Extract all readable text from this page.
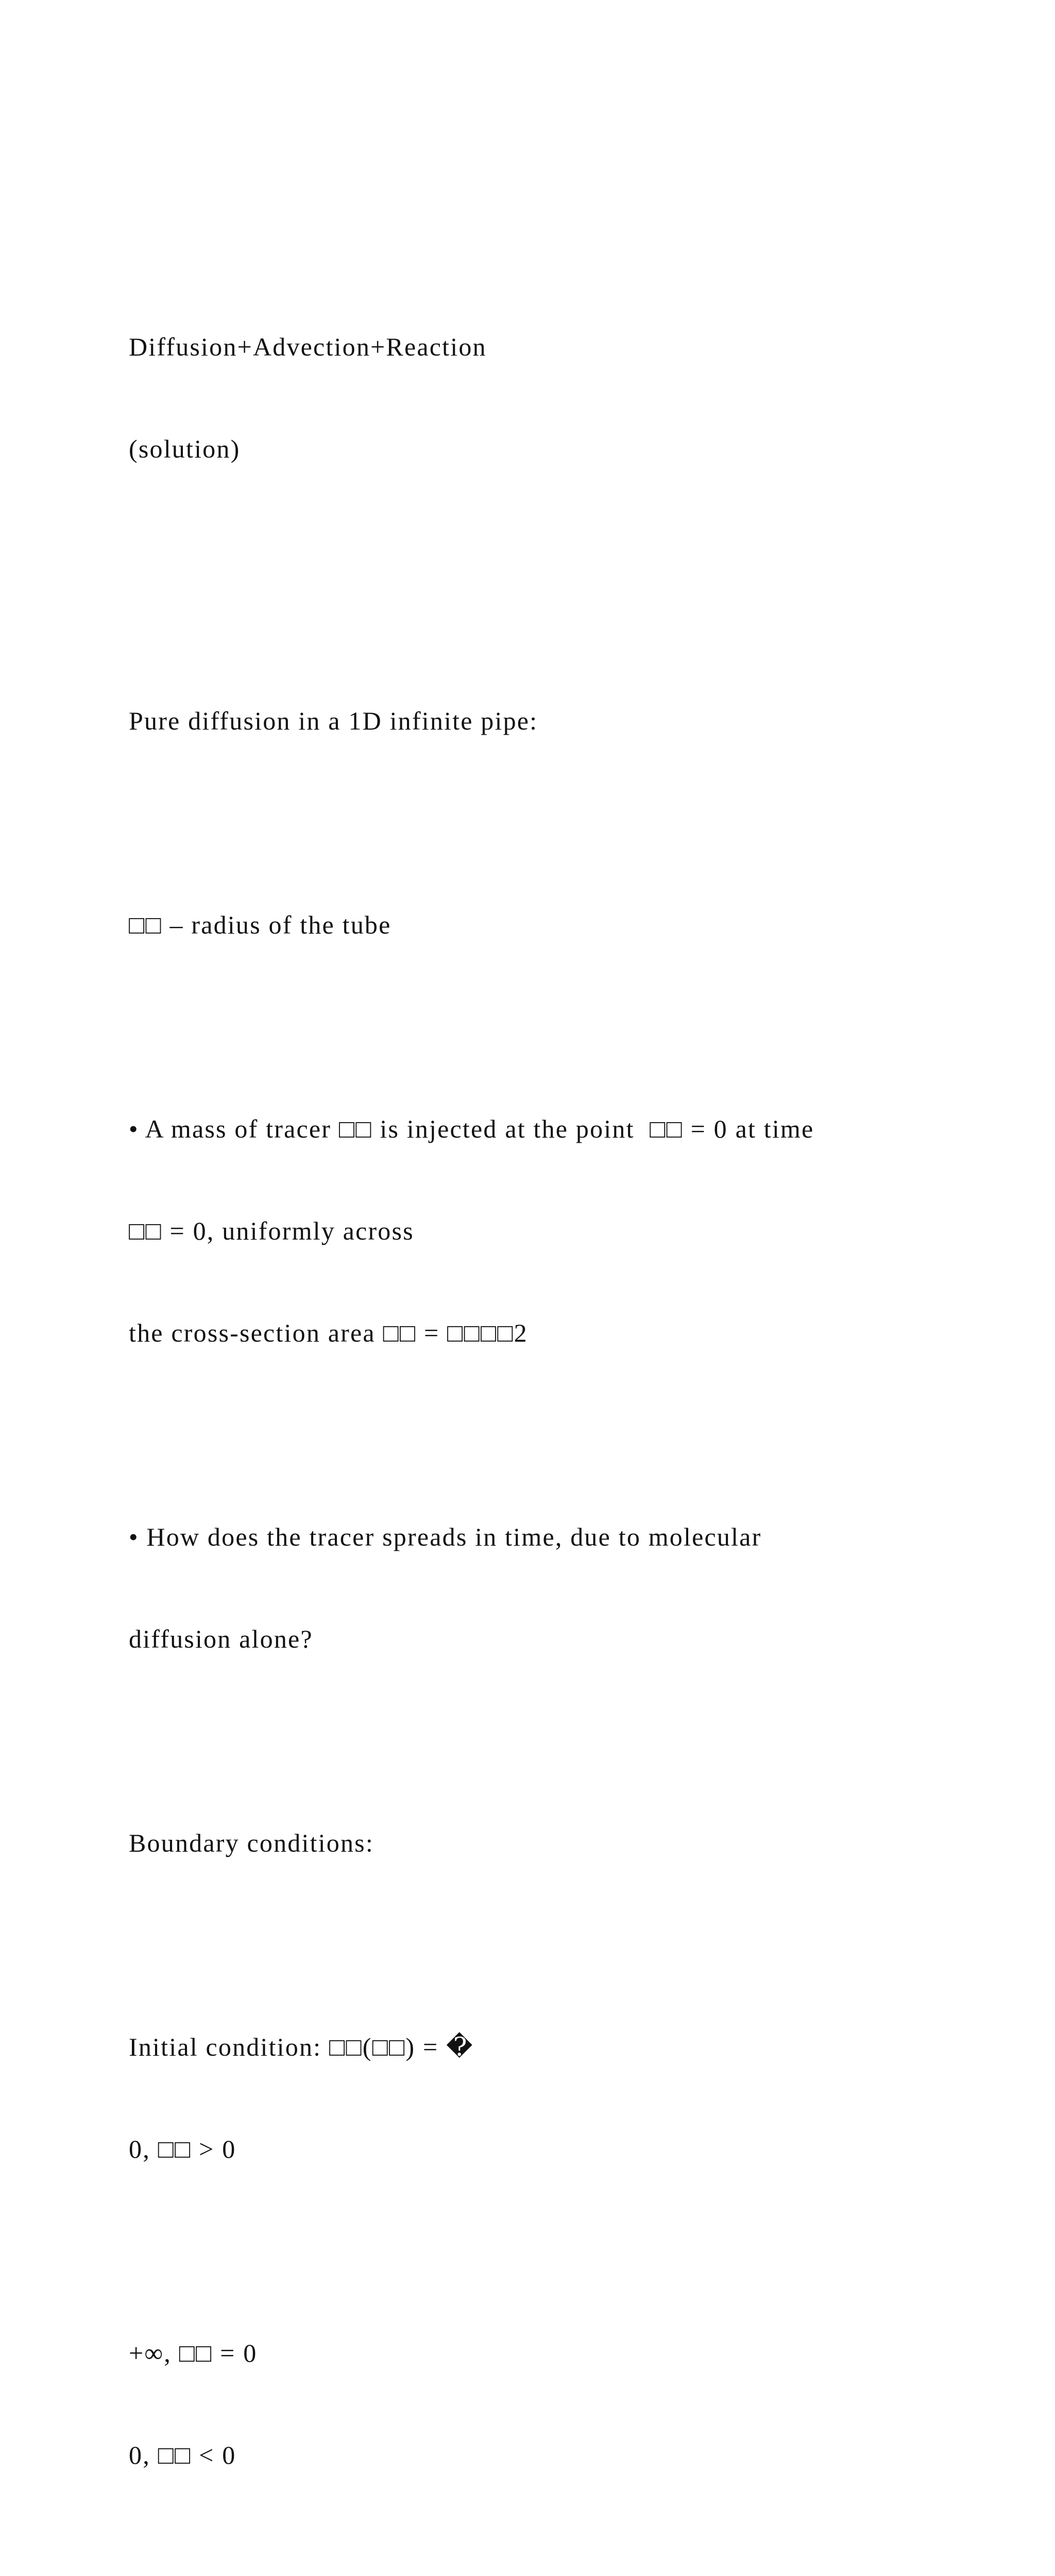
Diffusion+Advection+Reaction

(solution)

Pure diffusion in a 1D infinite pipe:

□□ – radius of the tube

• A mass of tracer □□ is injected at the point  □□ = 0 at time

□□ = 0, uniformly across

the cross-section area □□ = □□□□2

• How does the tracer spreads in time, due to molecular

diffusion alone?

Boundary conditions:

Initial condition: □□(□□) = �

0, □□ > 0

+∞, □□ = 0

0, □□ < 0
